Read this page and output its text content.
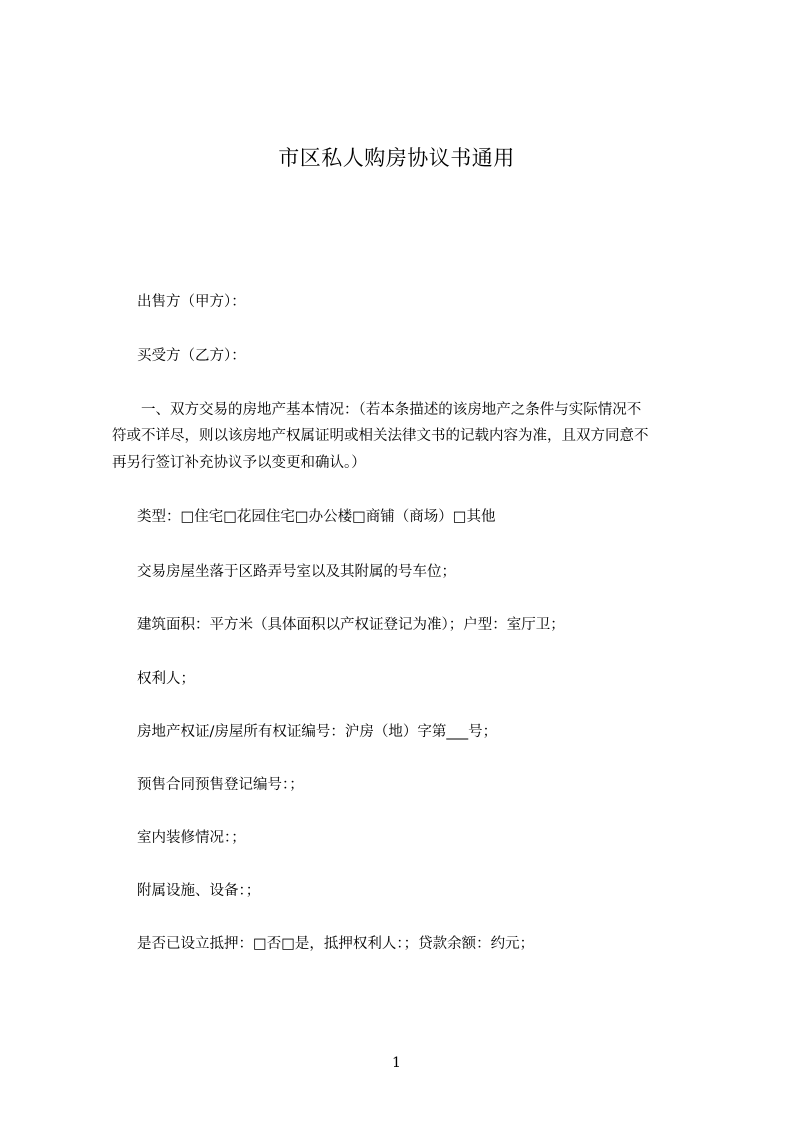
市区私人购房协议书通用
出售方（甲方）：
买受方（乙方）：
一、双方交易的房地产基本情况：（若本条描述的该房地产之条件与实际情况不
符或不详尽，则以该房地产权属证明或相关法律文书的记载内容为准，且双方同意不
再另行签订补充协议予以变更和确认。）
类型：□住宅□花园住宅□办公楼□商铺（商场）□其他
交易房屋坐落于区路弄号室以及其附属的号车位；
建筑面积：平方米（具体面积以产权证登记为准）；户型：室厅卫；
权利人；
房地产权证/房屋所有权证编号：沪房（地）字第___号；
预售合同预售登记编号：；
室内装修情况：；
附属设施、设备：；
是否已设立抵押：□否□是，抵押权利人：；贷款余额：约元；
1
